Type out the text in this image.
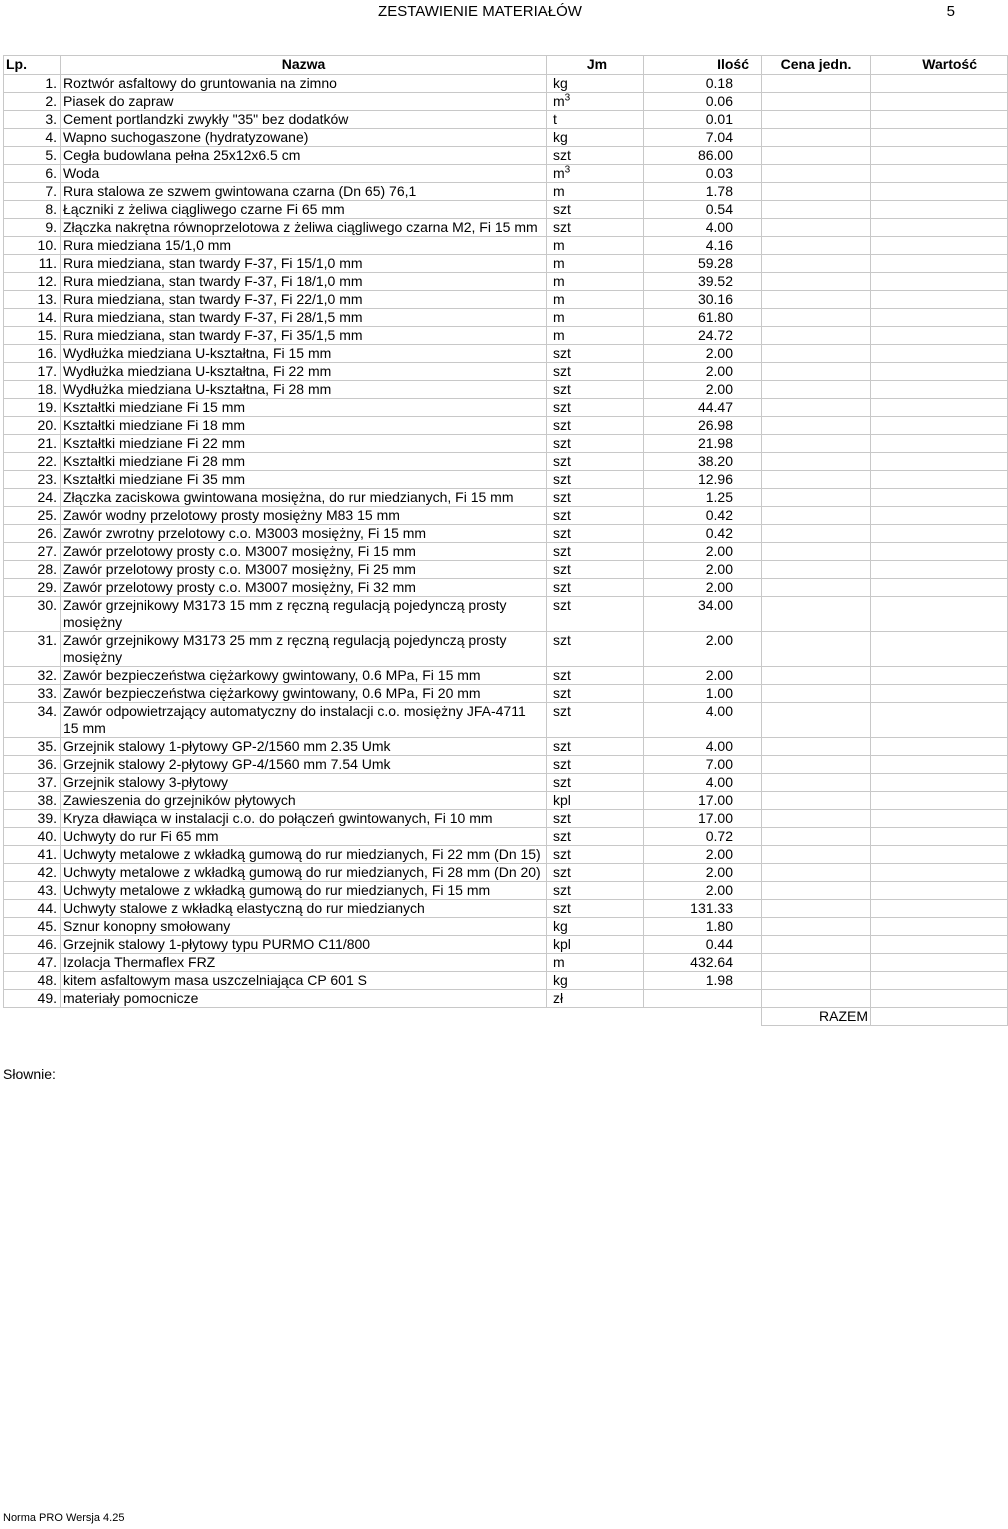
ZESTAWIENIE MATERIAŁÓW	5
Lp.	Nazwa	Jm	Ilość	Cena jedn.	Wartość
1.	Roztwór asfaltowy do gruntowania na zimno	kg	0.18		
2.	Piasek do zapraw	$m^3$	0.06		
3.	Cement portlandzki zwykły "35" bez dodatków	t	0.01		
4.	Wapno suchogaszone (hydratyzowane)	kg	7.04		
5.	Cegła budowlana pełna 25x12x6.5 cm	szt	86.00		
6.	Woda	$m^3$	0.03		
7.	Rura stalowa ze szwem gwintowana czarna (Dn 65) 76,1	m	1.78		
8.	Łączniki z żeliwa ciągliwego czarne Fi 65 mm	szt	0.54		
9.	Złączka nakrętna równoprzelotowa z żeliwa ciągliwego czarna M2, Fi 15 mm	szt	4.00		
10.	Rura miedziana 15/1,0 mm	m	4.16		
11.	Rura miedziana, stan twardy F-37, Fi 15/1,0 mm	m	59.28		
12.	Rura miedziana, stan twardy F-37, Fi 18/1,0 mm	m	39.52		
13.	Rura miedziana, stan twardy F-37, Fi 22/1,0 mm	m	30.16		
14.	Rura miedziana, stan twardy F-37, Fi 28/1,5 mm	m	61.80		
15.	Rura miedziana, stan twardy F-37, Fi 35/1,5 mm	m	24.72		
16.	Wydłużka miedziana U-kształtna, Fi 15 mm	szt	2.00		
17.	Wydłużka miedziana U-kształtna, Fi 22 mm	szt	2.00		
18.	Wydłużka miedziana U-kształtna, Fi 28 mm	szt	2.00		
19.	Kształtki miedziane Fi 15 mm	szt	44.47		
20.	Kształtki miedziane Fi 18 mm	szt	26.98		
21.	Kształtki miedziane Fi 22 mm	szt	21.98		
22.	Kształtki miedziane Fi 28 mm	szt	38.20		
23.	Kształtki miedziane Fi 35 mm	szt	12.96		
24.	Złączka zaciskowa gwintowana mosiężna, do rur miedzianych, Fi 15 mm	szt	1.25		
25.	Zawór wodny przelotowy prosty mosiężny M83 15 mm	szt	0.42		
26.	Zawór zwrotny przelotowy c.o. M3003 mosiężny, Fi 15 mm	szt	0.42		
27.	Zawór przelotowy prosty c.o. M3007 mosiężny, Fi 15 mm	szt	2.00		
28.	Zawór przelotowy prosty c.o. M3007 mosiężny, Fi 25 mm	szt	2.00		
29.	Zawór przelotowy prosty c.o. M3007 mosiężny, Fi 32 mm	szt	2.00		
30.	Zawór grzejnikowy M3173 15 mm z ręczną regulacją pojedynczą prosty mosiężny	szt	34.00		
31.	Zawór grzejnikowy M3173 25 mm z ręczną regulacją pojedynczą prosty mosiężny	szt	2.00		
32.	Zawór bezpieczeństwa ciężarkowy gwintowany, 0.6 MPa, Fi 15 mm	szt	2.00		
33.	Zawór bezpieczeństwa ciężarkowy gwintowany, 0.6 MPa, Fi 20 mm	szt	1.00		
34.	Zawór odpowietrzający automatyczny do instalacji c.o. mosiężny JFA-4711 15 mm	szt	4.00		
35.	Grzejnik stalowy 1-płytowy GP-2/1560 mm 2.35 Umk	szt	4.00		
36.	Grzejnik stalowy 2-płytowy GP-4/1560 mm 7.54 Umk	szt	7.00		
37.	Grzejnik stalowy 3-płytowy	szt	4.00		
38.	Zawieszenia do grzejników płytowych	kpl	17.00		
39.	Kryza dławiąca w instalacji c.o. do połączeń gwintowanych, Fi 10 mm	szt	17.00		
40.	Uchwyty do rur Fi 65 mm	szt	0.72		
41.	Uchwyty metalowe z wkładką gumową do rur miedzianych, Fi 22 mm (Dn 15)	szt	2.00		
42.	Uchwyty metalowe z wkładką gumową do rur miedzianych, Fi 28 mm (Dn 20)	szt	2.00		
43.	Uchwyty metalowe z wkładką gumową do rur miedzianych, Fi 15 mm	szt	2.00		
44.	Uchwyty stalowe z wkładką elastyczną do rur miedzianych	szt	131.33		
45.	Sznur konopny smołowany	kg	1.80		
46.	Grzejnik stalowy 1-płytowy typu PURMO C11/800	kpl	0.44		
47.	Izolacja Thermaflex FRZ	m	432.64		
48.	kitem asfaltowym masa uszczelniająca CP 601 S	kg	1.98		
49.	materiały pomocnicze	zł			
				RAZEM	
Słownie:
Norma PRO Wersja 4.25
